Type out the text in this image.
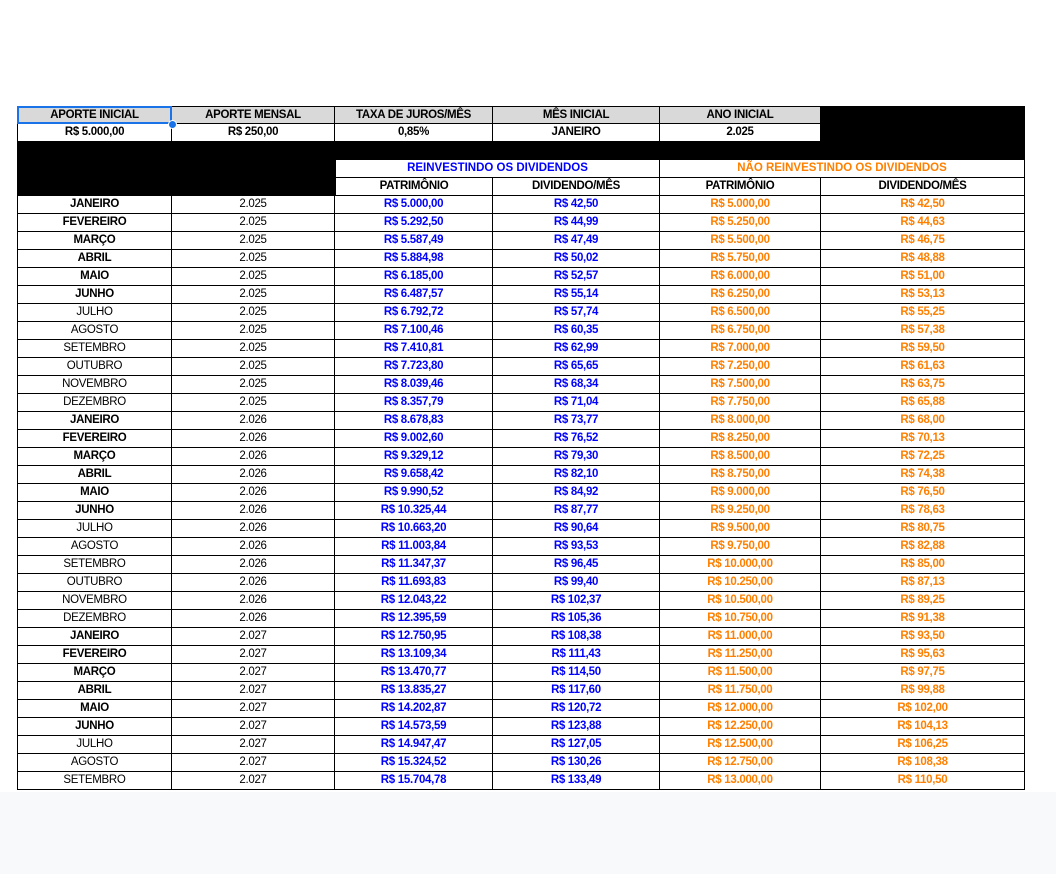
APORTE INICIAL	APORTE MENSAL	TAXA DE JUROS/MÊS	MÊS INICIAL	ANO INICIAL
R$ 5.000,00	R$ 250,00	0,85%	JANEIRO	2.025
REINVESTINDO OS DIVIDENDOS	NÃO REINVESTINDO OS DIVIDENDOS
PATRIMÔNIO	DIVIDENDO/MÊS	PATRIMÔNIO	DIVIDENDO/MÊS
JANEIRO	2.025	R$ 5.000,00	R$ 42,50	R$ 5.000,00	R$ 42,50
FEVEREIRO	2.025	R$ 5.292,50	R$ 44,99	R$ 5.250,00	R$ 44,63
MARÇO	2.025	R$ 5.587,49	R$ 47,49	R$ 5.500,00	R$ 46,75
ABRIL	2.025	R$ 5.884,98	R$ 50,02	R$ 5.750,00	R$ 48,88
MAIO	2.025	R$ 6.185,00	R$ 52,57	R$ 6.000,00	R$ 51,00
JUNHO	2.025	R$ 6.487,57	R$ 55,14	R$ 6.250,00	R$ 53,13
JULHO	2.025	R$ 6.792,72	R$ 57,74	R$ 6.500,00	R$ 55,25
AGOSTO	2.025	R$ 7.100,46	R$ 60,35	R$ 6.750,00	R$ 57,38
SETEMBRO	2.025	R$ 7.410,81	R$ 62,99	R$ 7.000,00	R$ 59,50
OUTUBRO	2.025	R$ 7.723,80	R$ 65,65	R$ 7.250,00	R$ 61,63
NOVEMBRO	2.025	R$ 8.039,46	R$ 68,34	R$ 7.500,00	R$ 63,75
DEZEMBRO	2.025	R$ 8.357,79	R$ 71,04	R$ 7.750,00	R$ 65,88
JANEIRO	2.026	R$ 8.678,83	R$ 73,77	R$ 8.000,00	R$ 68,00
FEVEREIRO	2.026	R$ 9.002,60	R$ 76,52	R$ 8.250,00	R$ 70,13
MARÇO	2.026	R$ 9.329,12	R$ 79,30	R$ 8.500,00	R$ 72,25
ABRIL	2.026	R$ 9.658,42	R$ 82,10	R$ 8.750,00	R$ 74,38
MAIO	2.026	R$ 9.990,52	R$ 84,92	R$ 9.000,00	R$ 76,50
JUNHO	2.026	R$ 10.325,44	R$ 87,77	R$ 9.250,00	R$ 78,63
JULHO	2.026	R$ 10.663,20	R$ 90,64	R$ 9.500,00	R$ 80,75
AGOSTO	2.026	R$ 11.003,84	R$ 93,53	R$ 9.750,00	R$ 82,88
SETEMBRO	2.026	R$ 11.347,37	R$ 96,45	R$ 10.000,00	R$ 85,00
OUTUBRO	2.026	R$ 11.693,83	R$ 99,40	R$ 10.250,00	R$ 87,13
NOVEMBRO	2.026	R$ 12.043,22	R$ 102,37	R$ 10.500,00	R$ 89,25
DEZEMBRO	2.026	R$ 12.395,59	R$ 105,36	R$ 10.750,00	R$ 91,38
JANEIRO	2.027	R$ 12.750,95	R$ 108,38	R$ 11.000,00	R$ 93,50
FEVEREIRO	2.027	R$ 13.109,34	R$ 111,43	R$ 11.250,00	R$ 95,63
MARÇO	2.027	R$ 13.470,77	R$ 114,50	R$ 11.500,00	R$ 97,75
ABRIL	2.027	R$ 13.835,27	R$ 117,60	R$ 11.750,00	R$ 99,88
MAIO	2.027	R$ 14.202,87	R$ 120,72	R$ 12.000,00	R$ 102,00
JUNHO	2.027	R$ 14.573,59	R$ 123,88	R$ 12.250,00	R$ 104,13
JULHO	2.027	R$ 14.947,47	R$ 127,05	R$ 12.500,00	R$ 106,25
AGOSTO	2.027	R$ 15.324,52	R$ 130,26	R$ 12.750,00	R$ 108,38
SETEMBRO	2.027	R$ 15.704,78	R$ 133,49	R$ 13.000,00	R$ 110,50
